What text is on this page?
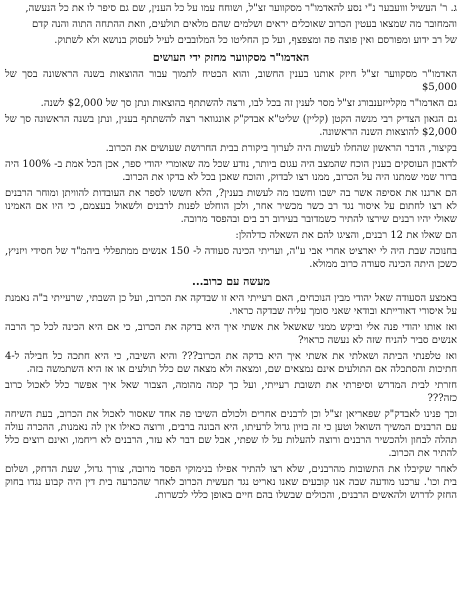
ג. ר' העשיל ווועבער נ"י נסע להאדמו"ר מסקווער זצ"ל, ושוחח עמו על כל הענין, שם גם סיפר לו את כל הנעשה,

והמחובר מה שמצאו בעטין הכרוב שאוכלים יראים ושלמים שהם מלאים תולעים, וזאת ההתחה התוה והנה קדם

של רב ידוע ומפורסם ואין פוצה פה ומצפצף, ועל כן החליטו כל המלובבים לעיל לעסוק בנושא ולא לשתוק.

האדמו"ר מסקווער מחזק ידי העושים

האדמו"ר מסקווער זצ"ל חיזק אותנו בענין החשוב, והוא הבטיח לתמוך עבור ההוצאות בשנה הראשונה בסך של $5,000

גם האדמו"ר מקלייזענבורג זצ"ל מסר לענין זה בכל לבו, ורצה להשתתף בהוצאות ונתן סך של $2,000 לשנה.

גם הגאון הצדיק רבי מנשה הקטן (קליין) שליט"א אבדק"ק אונגוואר רצה להשתתף בענין, ונתן בשנה הראשונה סך של $2,000 להוצאות השנה הראשונה.

בקיצור, הדבר הראשון שהחלו לעשות היה לערוך ביקורת בבית החרושת שעושים את הכרוב.

לדאבון העוסקים בענין הוכח שהמצב היה עגום ביותר, נודע שכל מה שאומרי יהודי ספר, אכן הכל אמת ב- 100% היה ברור שמי שמתנו היה על הכרוב, ממנו רצו לבדוק, והוכח שאכן בכל לא בדקו את הכרוב.

הם ארגנו את אסיפה אשר בה ישבו וחשבו מה לעשות בענין?, הלא חששו לספר את העובדות להוויתן ומוחר הרבנים לא רצו לחתום על איסור נגד רב כשר מכשיר אחר, ולכן הוחלט לפנות לרבנים ולשאול בעצמם, כי היו אם האמינו שאולי יהיו רבנים שירצו להתיר כשמדובר בעירוב רב בים ובהפסד מרובה.

הם שאלו את 12 רבנים, והציגו להם את השאלה כדלהלן:

בחנוכה שבת היה לי יארציט אחרי אבי ע"ה, ועריתי הכינה סעודה ל- 150 אנשים ממתפללי ביהמ"ד של חסידי ויזניץ, כשכן היתה הכינה סעודה כרוב ממולא.

מעשה עם כרוב...

באמצע הסעודה שאל יהודי מבין הנוכחים, האם רעייתי היא זו שבדקה את הכרוב, ועל כן השבתי, שרעייתי ב"ה נאמנת על איסורי דאורייתא ובודאי שאני סומך עליה שבדקה כראוי.

ואז אותו יהודי פנה אלי וביקש ממני שאשאל את אשתי איך היא בדקה את הכרוב, כי אם היא הכינה לכל כך הרבה אנשים סביר להניח שזה לא נעשה כראוי?

ואז טלפנתי הביתה ושאלתי את אשתי איך היא בדקה את הכרוב??? והיא השיבה, כי היא חתכה כל חבילה ל-4 חתיכות והסתכלה אם התולעים אינם נמצאים שם, ומצאה ולא מצאה שם כלל תולעים או אז היא השתמשה בזה.

חזרתי לבית המדרש וסיפרתי את תשובת רעייתי, ועל כך קמה מהומה, הצבור שאל איך אפשר כלל לאכול כרוב כזה???

וכך פנינו לאבדק"ק שפאריאן זצ"ל וכן לרבנים אחרים ולכולם השיבו פה אחד שאסור לאכול את הכרוב, בעת השיחה עם הרבנים המשיך השואל וטען כי זה בזיון גדול לרעיתו, היא הבונה ברבים, ורוצה כאילו אין לה נאמנות, ההכרה עולה תהלה לבחון ולהכשיר הרבנים ורוצה להעלות על לו שפתי, אבל שם דבר לא עזר, הרבנים לא ריחמו, ואינם רוצים כלל להתיר את הכרוב.

לאחר שקיבלו את התשובות מהרבנים, שלא רצו להתיר אפילו בנימוקי הפסד מרובה, צורך גדול, שעת הדחק, ושלום בית וכו'. ערכנו מודעה שבה אנו קובעים שאנו נאריט נגד תעשית הכרוב לאחר שהכרעה בית דין היה קבוע נגדו בחוק החזק לדרוש ולהאשים הרבנים, והכולים שבשלו בהם חיים באופן כללי לכשרות.
